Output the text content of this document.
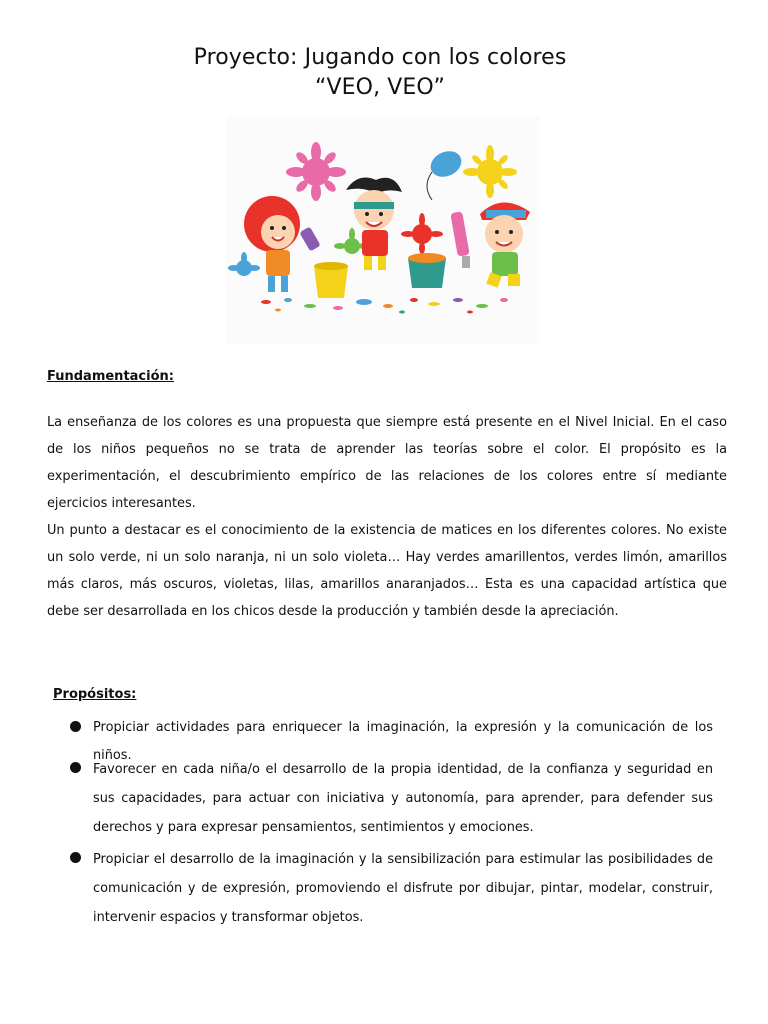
Proyecto: Jugando con los colores
“VEO, VEO”
Fundamentación:

La enseñanza de los colores es una propuesta que siempre está presente en el Nivel Inicial. En el caso de los niños pequeños no se trata de aprender las teorías sobre el color. El propósito es la experimentación, el descubrimiento empírico de las relaciones de los colores entre sí mediante ejercicios interesantes.

Un punto a destacar es el conocimiento de la existencia de matices en los diferentes colores. No existe un solo verde, ni un solo naranja, ni un solo violeta… Hay verdes amarillentos, verdes limón, amarillos más claros, más oscuros, violetas, lilas, amarillos anaranjados… Esta es una capacidad artística que debe ser desarrollada en los chicos desde la producción y también desde la apreciación.

Propósitos:
Propiciar actividades para enriquecer la imaginación, la expresión y la comunicación de los niños.
Favorecer en cada niña/o el desarrollo de la propia identidad, de la confianza y seguridad en sus capacidades, para actuar con iniciativa y autonomía, para aprender, para defender sus derechos y para expresar pensamientos, sentimientos y emociones.
Propiciar el desarrollo de la imaginación y la sensibilización para estimular las posibilidades de comunicación y de expresión, promoviendo el disfrute por dibujar, pintar, modelar, construir, intervenir espacios y transformar objetos.
